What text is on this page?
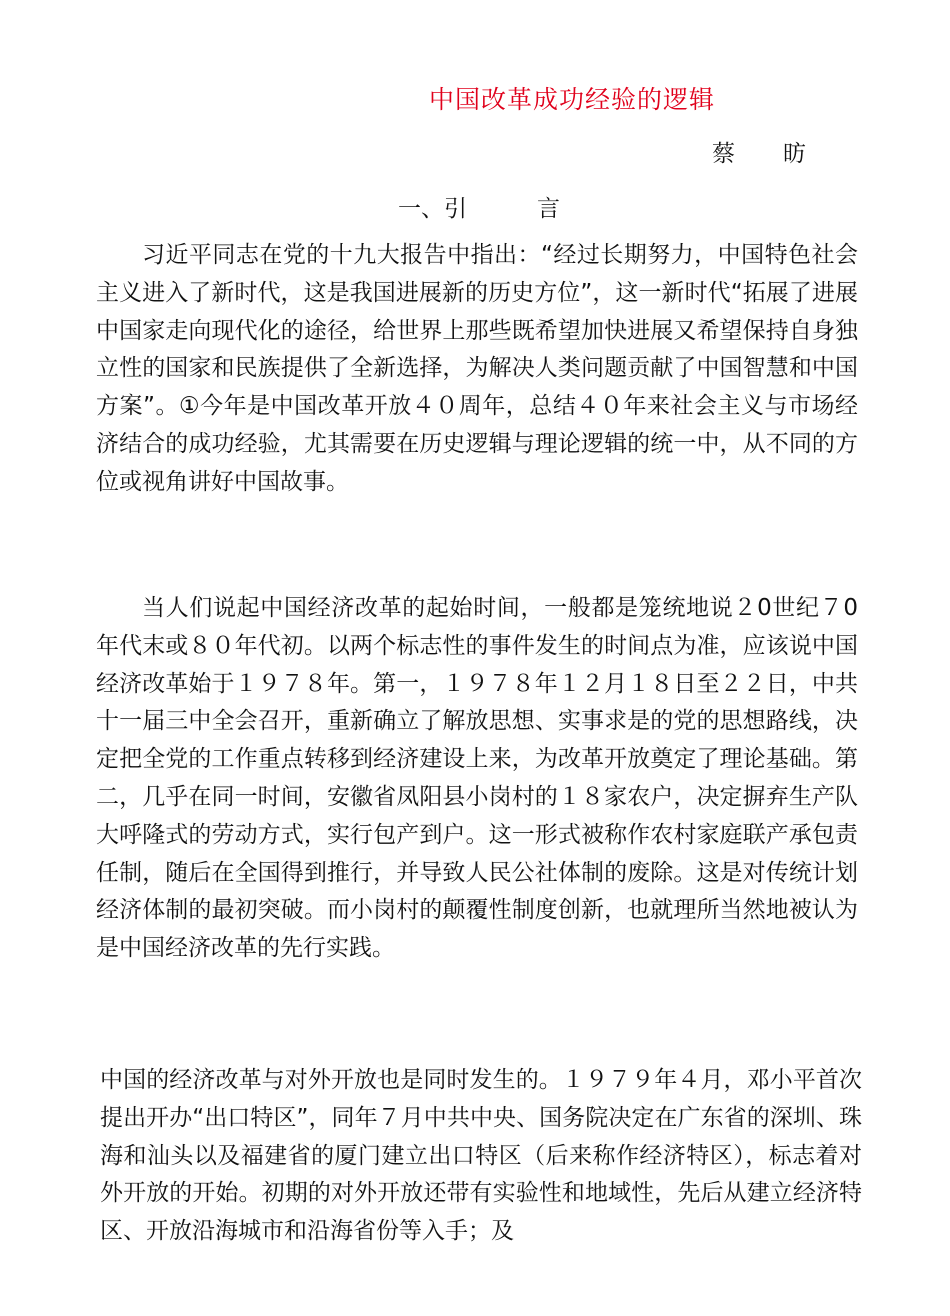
中国改革成功经验的逻辑
蔡 昉
一、引	言

习近平同志在党的十九大报告中指出：“经过长期努力，中国特色社会主义进入了新时代，这是我国进展新的历史方位”，这一新时代“拓展了进展中国家走向现代化的途径，给世界上那些既希望加快进展又希望保持自身独立性的国家和民族提供了全新选择，为解决人类问题贡献了中国智慧和中国方案”。①今年是中国改革开放４０周年，总结４０年来社会主义与市场经济结合的成功经验，尤其需要在历史逻辑与理论逻辑的统一中，从不同的方位或视角讲好中国故事。

当人们说起中国经济改革的起始时间，一般都是笼统地说２0世纪７0年代末或８０年代初。以两个标志性的事件发生的时间点为准，应该说中国经济改革始于１９７８年。第一，１９７８年１２月１８日至２２日，中共十一届三中全会召开，重新确立了解放思想、实事求是的党的思想路线，决定把全党的工作重点转移到经济建设上来，为改革开放奠定了理论基础。第二，几乎在同一时间，安徽省凤阳县小岗村的１８家农户，决定摒弃生产队大呼隆式的劳动方式，实行包产到户。这一形式被称作农村家庭联产承包责任制，随后在全国得到推行，并导致人民公社体制的废除。这是对传统计划经济体制的最初突破。而小岗村的颠覆性制度创新，也就理所当然地被认为是中国经济改革的先行实践。

中国的经济改革与对外开放也是同时发生的。１９７９年４月，邓小平首次提出开办“出口特区”，同年７月中共中央、国务院决定在广东省的深圳、珠海和汕头以及福建省的厦门建立出口特区（后来称作经济特区），标志着对外开放的开始。初期的对外开放还带有实验性和地域性，先后从建立经济特区、开放沿海城市和沿海省份等入手；及
